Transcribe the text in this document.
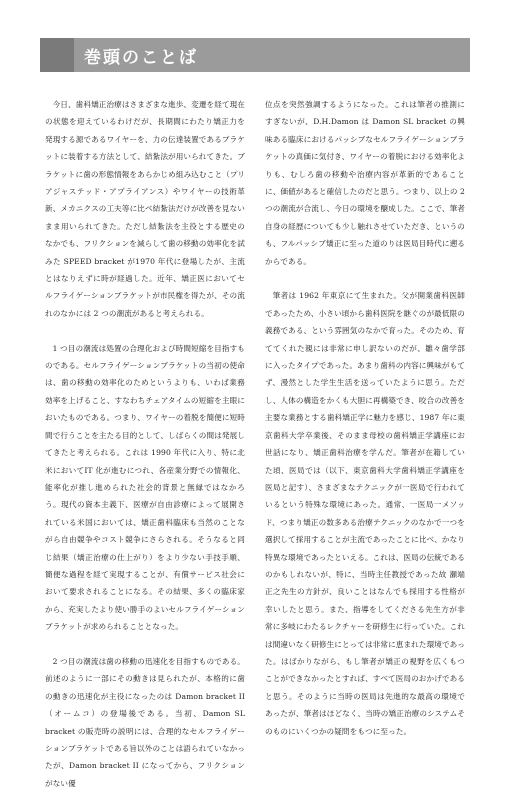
巻頭のことば

今日、歯科矯正治療はさまざまな進歩、変遷を経て現在の状態を迎えているわけだが、長期間にわたり矯正力を発現する源であるワイヤーを、力の伝達装置であるブラケットに装着する方法として、結紮法が用いられてきた。ブラケットに歯の形態情報をあらかじめ組み込むこと（プリアジャステッド・アプライアンス）やワイヤーの技術革新、メカニクスの工夫等に比べ結紮法だけが改善を見ないまま用いられてきた。ただし結紮法を主役とする歴史のなかでも、フリクションを減らして歯の移動の効率化を試みた SPEED bracket が1970 年代に登場したが、主流とはなりえずに時が経過した。近年、矯正医においてセルフライゲーションブラケットが市民権を得たが、その流れのなかには 2 つの潮流があると考えられる。

1 つ目の潮流は処置の合理化および時間短縮を目指すものである。セルフライゲーションブラケットの当初の使命は、歯の移動の効率化のためというよりも、いわば業務効率を上げること、すなわちチェアタイムの短縮を主眼においたものである。つまり、ワイヤーの着脱を簡便に短時間で行うことを主たる目的として、しばらくの間は発展してきたと考えられる。これは 1990 年代に入り、特に北米においてIT 化が進むにつれ、各産業分野での情報化、能率化が推し進められた社会的背景と無縁ではなかろう。現代の資本主義下、医療が自由診療によって展開されている米国においては、矯正歯科臨床も当然のことながら自由競争やコスト競争にさらされる。そうなると同じ結果（矯正治療の仕上がり）をより少ない手技手順、簡便な過程を経て実現することが、有償サービス社会において要求されることになる。その結果、多くの臨床家から、充実したより使い勝手のよいセルフライゲーションブラケットが求められることとなった。

2 つ目の潮流は歯の移動の迅速化を目指すものである。前述のように一部にその動きは見られたが、本格的に歯の動きの迅速化が主役になったのは Damon bracket II（オームコ）の登場後である。当初、Damon SL bracket の販売時の説明には、合理的なセルフライゲーションブラケットである旨以外のことは語られていなかったが、Damon bracket II になってから、フリクションがない優

位点を突然強調するようになった。これは筆者の推測にすぎないが、D.H.Damon は Damon SL bracket の興味ある臨床におけるパッシブなセルフライゲーションブラケットの真価に気付き、ワイヤーの着脱における効率化よりも、むしろ歯の移動や治療内容が革新的であることに、価値があると確信したのだと思う。つまり、以上の 2 つの潮流が合流し、今日の環境を醸成した。ここで、筆者自身の経歴についても少し触れさせていただき、というのも、フルパッシブ矯正に至った道のりは医局目時代に遡るからである。

筆者は 1962 年東京にて生まれた。父が開業歯科医師であったため、小さい頃から歯科医院を継ぐのが最低限の義務である、という雰囲気のなかで育った。そのため、育ててくれた親には非常に申し訳ないのだが、雛々歯学部に入ったタイプであった。あまり歯科の内容に興味がもてず、漫然とした学生生活を送っていたように思う。ただし、人体の構造をかくも大胆に再構築でき、咬合の改善を主要な業務とする歯科矯正学に魅力を感じ、1987 年に東京歯科大学卒業後、そのまま母校の歯科矯正学講座にお世話になり、矯正歯科治療を学んだ。筆者が在籍していた頃、医局では（以下、東京歯科大学歯科矯正学講座を医局と記す）、さまざまなテクニックが一医局で行われているという特殊な環境にあった。通常、一医局一メソッド、つまり矯正の数多ある治療テクニックのなかで一つを選択して採用することが主流であったことに比べ、かなり特異な環境であったといえる。これは、医局の伝統であるのかもしれないが、特に、当時主任教授であった故 瀬端正之先生の方針が、良いことはなんでも採用する性格が幸いしたと思う。また、指導をしてくださる先生方が非常に多岐にわたるレクチャーを研修生に行っていた。これは間違いなく研修生にとっては非常に恵まれた環境であった。はばかりながら、もし筆者が矯正の視野を広くもつことができなかったとすれば、すべて医局のおかげであると思う。そのように当時の医局は先進的な最高の環境であったが、筆者はほどなく、当時の矯正治療のシステムそのものにいくつかの疑問をもつに至った。
